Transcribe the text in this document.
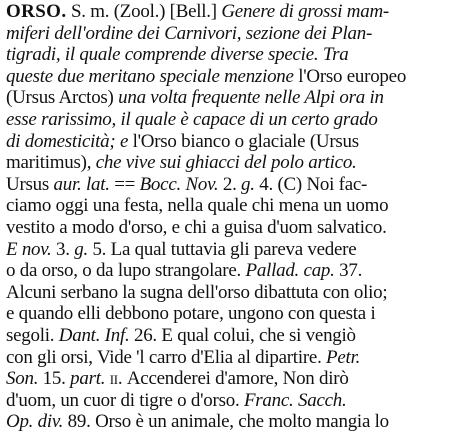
ORSO. S. m. (Zool.) [Bell.] Genere di grossi mam-
miferi dell'ordine dei Carnivori, sezione dei Plan-
tigradi, il quale comprende diverse specie. Tra
queste due meritano speciale menzione l'Orso europeo
(Ursus Arctos) una volta frequente nelle Alpi ora in
esse rarissimo, il quale è capace di un certo grado
di domesticità; e l'Orso bianco o glaciale (Ursus
maritimus), che vive sui ghiacci del polo artico.
Ursus aur. lat. == Bocc. Nov. 2. g. 4. (C) Noi fac-
ciamo oggi una festa, nella quale chi mena un uomo
vestito a modo d'orso, e chi a guisa d'uom salvatico.
E nov. 3. g. 5. La qual tuttavia gli pareva vedere
o da orso, o da lupo strangolare. Pallad. cap. 37.
Alcuni serbano la sugna dell'orso dibattuta con olio;
e quando elli debbono potare, ungono con questa i
segoli. Dant. Inf. 26. E qual colui, che si vengiò
con gli orsi, Vide 'l carro d'Elia al dipartire. Petr.
Son. 15. part. ii. Accenderei d'amore, Non dirò
d'uom, un cuor di tigre o d'orso. Franc. Sacch.
Op. div. 89. Orso è un animale, che molto mangia lo
